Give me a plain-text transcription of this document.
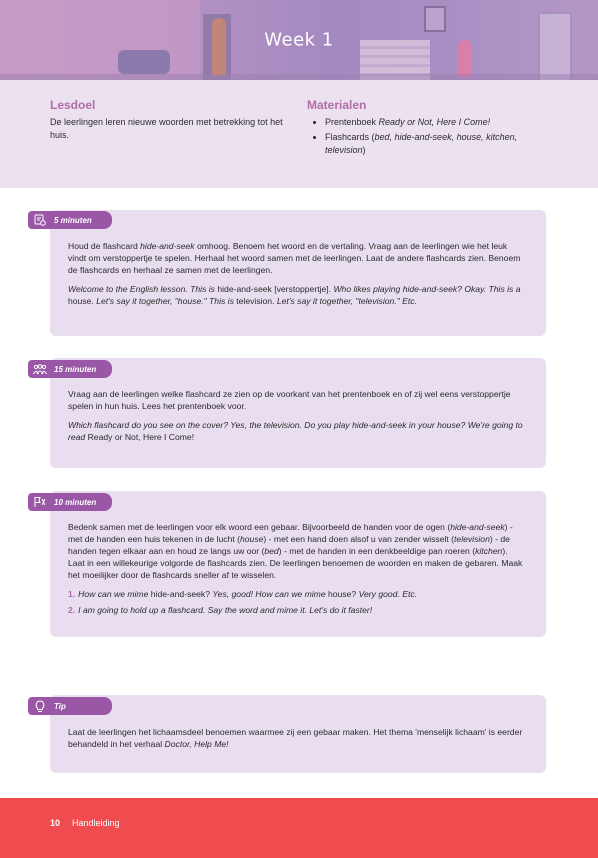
Week 1
Lesdoel

De leerlingen leren nieuwe woorden met betrekking tot het huis.

Materialen
• Prentenboek Ready or Not, Here I Come!
• Flashcards (bed, hide-and-seek, house, kitchen, television)

Houd de flashcard hide-and-seek omhoog. Benoem het woord en de vertaling. Vraag aan de leerlingen wie het leuk vindt om verstoppertje te spelen. Herhaal het woord samen met de leerlingen. Laat de andere flashcards zien. Benoem de flashcards en herhaal ze samen met de leerlingen.

Welcome to the English lesson. This is hide-and-seek [verstoppertje]. Who likes playing hide-and-seek? Okay. This is a house. Let's say it together, "house." This is television. Let's say it together, "television." Etc.

5 minuten

Vraag aan de leerlingen welke flashcard ze zien op de voorkant van het prentenboek en of zij wel eens verstoppertje spelen in hun huis. Lees het prentenboek voor.

Which flashcard do you see on the cover? Yes, the television. Do you play hide-and-seek in your house? We're going to read Ready or Not, Here I Come!

15 minuten

Bedenk samen met de leerlingen voor elk woord een gebaar. Bijvoorbeeld de handen voor de ogen (hide-and-seek) - met de handen een huis tekenen in de lucht (house) - met een hand doen alsof u van zender wisselt (television) - de handen tegen elkaar aan en houd ze langs uw oor (bed) - met de handen in een denkbeeldige pan roeren (kitchen). Laat in een willekeurige volgorde de flashcards zien. De leerlingen benoemen de woorden en maken de gebaren. Maak het moeilijker door de flashcards sneller af te wisselen.

1. How can we mime hide-and-seek? Yes, good! How can we mime house? Very good. Etc.
2. I am going to hold up a flashcard. Say the word and mime it. Let's do it faster!
10 minuten

Laat de leerlingen het lichaamsdeel benoemen waarmee zij een gebaar maken. Het thema 'menselijk lichaam' is eerder behandeld in het verhaal Doctor, Help Me!

Tip
10 Handleiding
